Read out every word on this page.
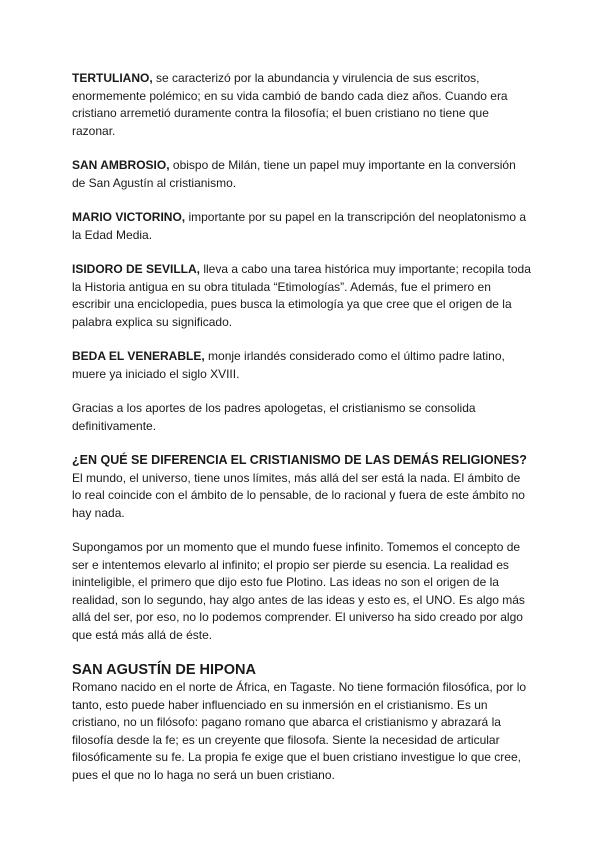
TERTULIANO, se caracterizó por la abundancia y virulencia de sus escritos, enormemente polémico; en su vida cambió de bando cada diez años. Cuando era cristiano arremetió duramente contra la filosofía; el buen cristiano no tiene que razonar.

SAN AMBROSIO, obispo de Milán, tiene un papel muy importante en la conversión de San Agustín al cristianismo.

MARIO VICTORINO, importante por su papel en la transcripción del neoplatonismo a la Edad Media.

ISIDORO DE SEVILLA, lleva a cabo una tarea histórica muy importante; recopila toda la Historia antigua en su obra titulada “Etimologías”. Además, fue el primero en escribir una enciclopedia, pues busca la etimología ya que cree que el origen de la palabra explica su significado.

BEDA EL VENERABLE, monje irlandés considerado como el último padre latino, muere ya iniciado el siglo XVIII.

Gracias a los aportes de los padres apologetas, el cristianismo se consolida definitivamente.

¿EN QUÉ SE DIFERENCIA EL CRISTIANISMO DE LAS DEMÁS RELIGIONES?

El mundo, el universo, tiene unos límites, más allá del ser está la nada. El ámbito de lo real coincide con el ámbito de lo pensable, de lo racional y fuera de este ámbito no hay nada.

Supongamos por un momento que el mundo fuese infinito. Tomemos el concepto de ser e intentemos elevarlo al infinito; el propio ser pierde su esencia. La realidad es ininteligible, el primero que dijo esto fue Plotino. Las ideas no son el origen de la realidad, son lo segundo, hay algo antes de las ideas y esto es, el UNO. Es algo más allá del ser, por eso, no lo podemos comprender. El universo ha sido creado por algo que está más allá de éste.

SAN AGUSTÍN DE HIPONA

Romano nacido en el norte de África, en Tagaste. No tiene formación filosófica, por lo tanto, esto puede haber influenciado en su inmersión en el cristianismo. Es un cristiano, no un filósofo: pagano romano que abarca el cristianismo y abrazará la filosofía desde la fe; es un creyente que filosofa. Siente la necesidad de articular filosóficamente su fe. La propia fe exige que el buen cristiano investigue lo que cree, pues el que no lo haga no será un buen cristiano.
